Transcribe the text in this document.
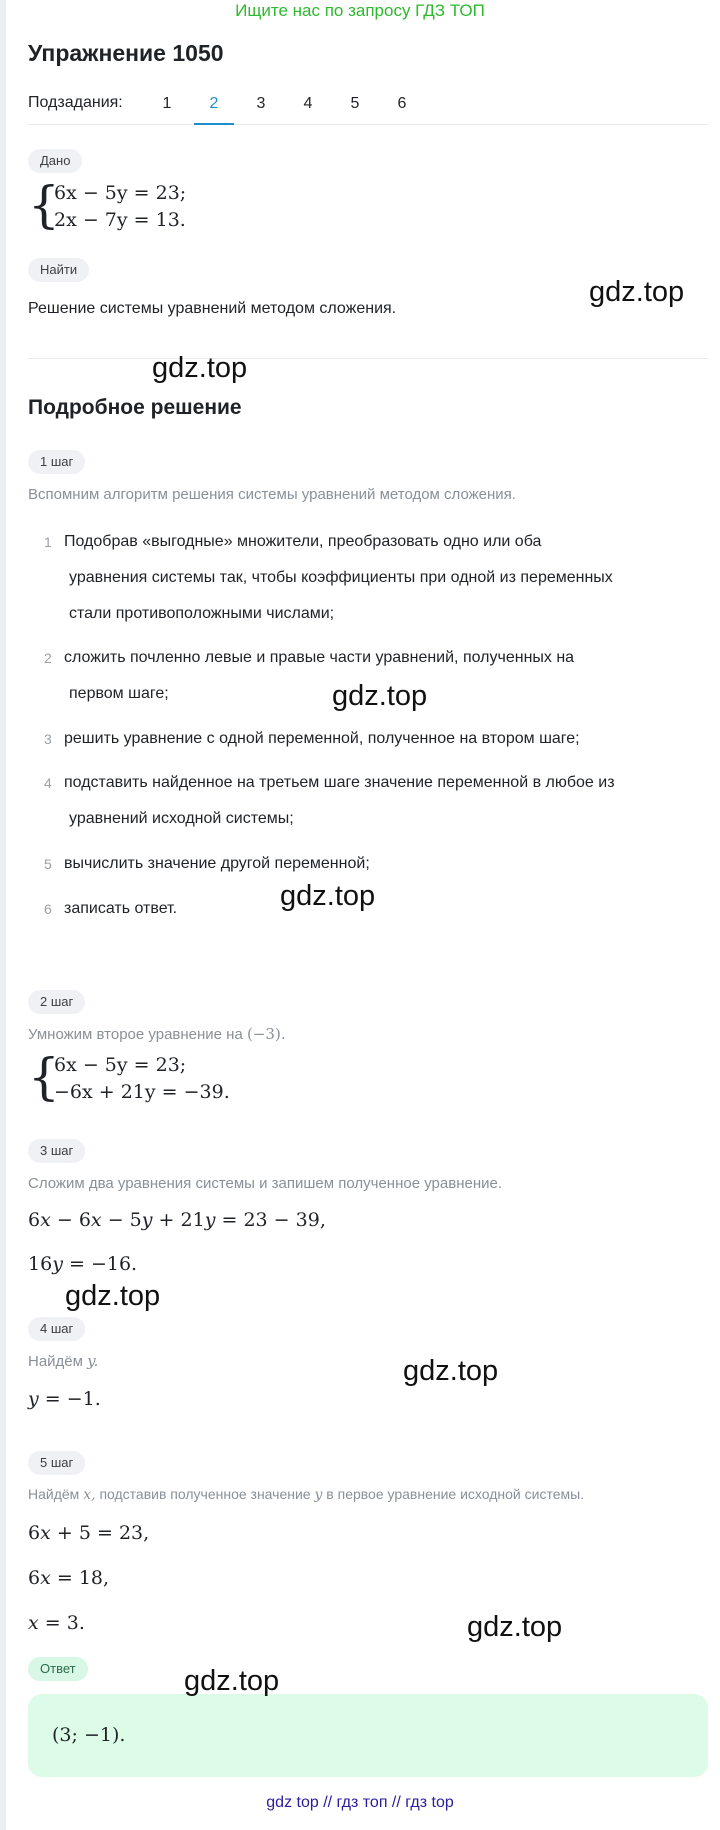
Ищите нас по запросу ГДЗ ТОП
Упражнение 1050
Подзадания:	1	2	3	4	5	6
Дано
{
6x − 5y = 23;
2x − 7y = 13.
Найти
Решение системы уравнений методом сложения.
Подробное решение
1 шаг
Вспомним алгоритм решения системы уравнений методом сложения.
1 Подобрав «выгодные» множители, преобразовать одно или оба
уравнения системы так, чтобы коэффициенты при одной из переменных
стали противоположными числами;
2 сложить почленно левые и правые части уравнений, полученных на
первом шаге;
3 решить уравнение с одной переменной, полученное на втором шаге;
4 подставить найденное на третьем шаге значение переменной в любое из
уравнений исходной системы;
5 вычислить значение другой переменной;
6 записать ответ.
2 шаг
Умножим второе уравнение на (−3).
{
6x − 5y = 23;
−6x + 21y = −39.
3 шаг
Сложим два уравнения системы и запишем полученное уравнение.
6x − 6x − 5y + 21y = 23 − 39,
16y = −16.
4 шаг
Найдём y.
y = −1.
5 шаг
Найдём x, подставив полученное значение y в первое уравнение исходной системы.
6x + 5 = 23,
6x = 18,
x = 3.
Ответ
(3; −1).
gdz.top
gdz.top
gdz.top
gdz.top
gdz.top
gdz.top
gdz.top
gdz.top
gdz top // гдз топ // гдз top
